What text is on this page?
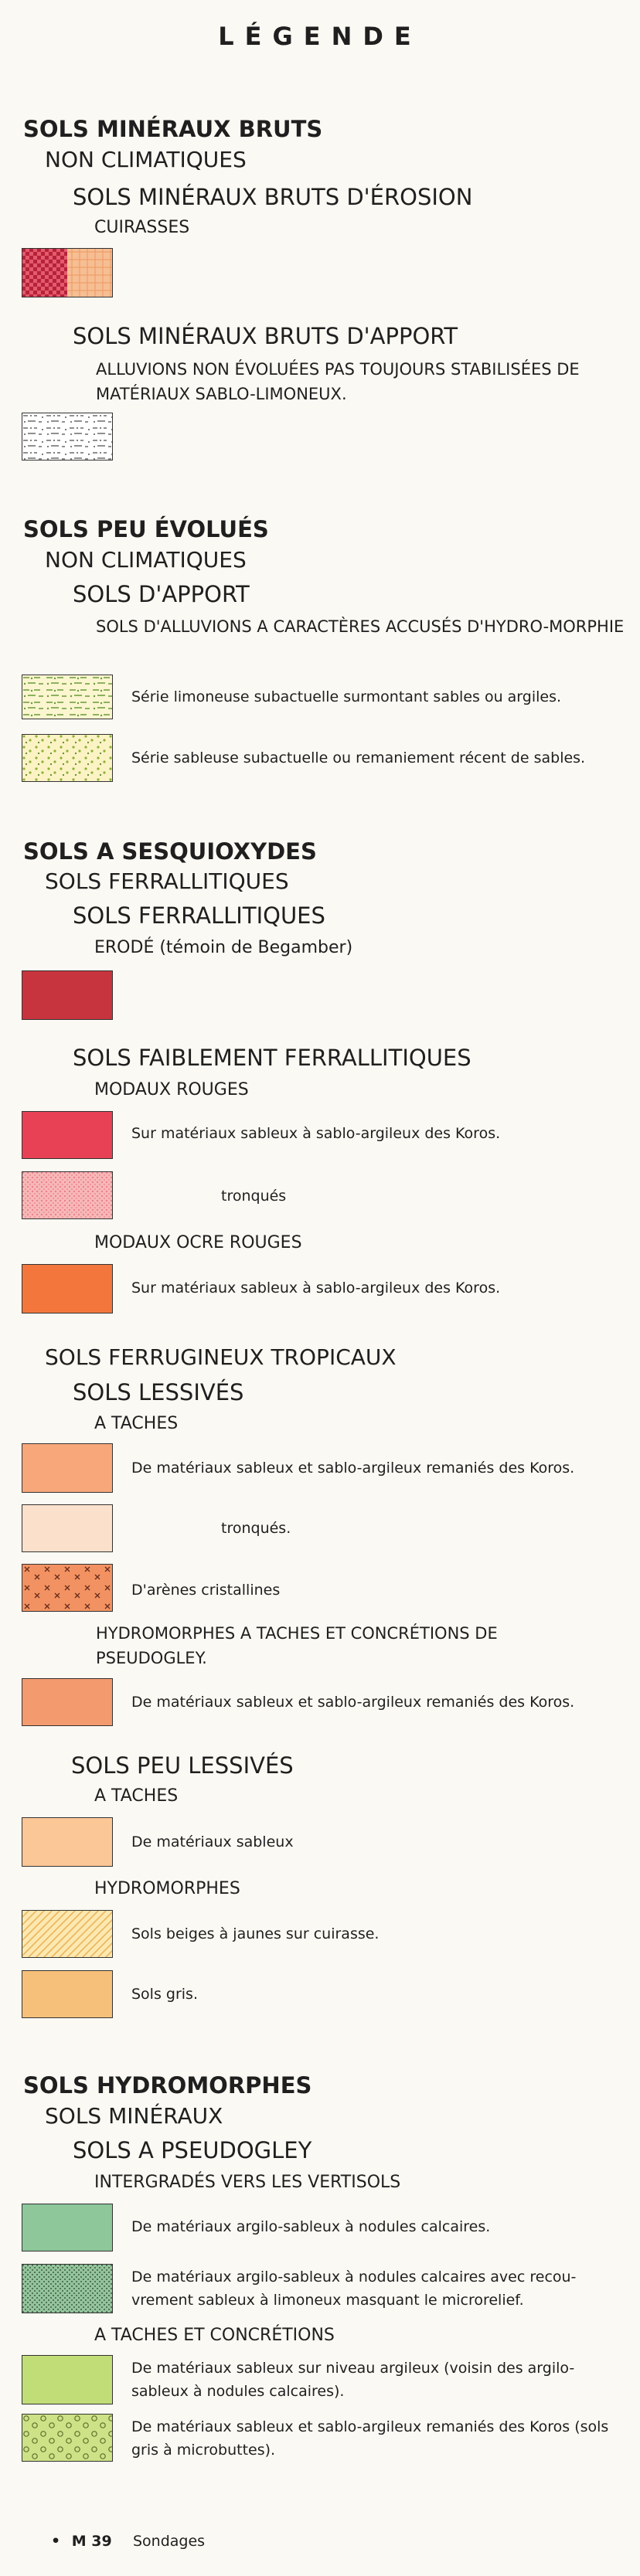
LÉGENDE
SOLS MINÉRAUX BRUTS
NON CLIMATIQUES
SOLS MINÉRAUX BRUTS D'ÉROSION
CUIRASSES
SOLS MINÉRAUX BRUTS D'APPORT
ALLUVIONS NON ÉVOLUÉES PAS TOUJOURS STABILISÉES DE MATÉRIAUX SABLO-LIMONEUX.
SOLS PEU ÉVOLUÉS
NON CLIMATIQUES
SOLS D'APPORT
SOLS D'ALLUVIONS A CARACTÈRES ACCUSÉS D'HYDRO-MORPHIE
Série limoneuse subactuelle surmontant sables ou argiles.
Série sableuse subactuelle ou remaniement récent de sables.
SOLS A SESQUIOXYDES
SOLS FERRALLITIQUES
SOLS FERRALLITIQUES
ERODÉ (témoin de Begamber)
SOLS FAIBLEMENT FERRALLITIQUES
MODAUX ROUGES
Sur matériaux sableux à sablo-argileux des Koros.
tronqués
MODAUX OCRE ROUGES
Sur matériaux sableux à sablo-argileux des Koros.
SOLS FERRUGINEUX TROPICAUX
SOLS LESSIVÉS
A TACHES
De matériaux sableux et sablo-argileux remaniés des Koros.
tronqués.
D'arènes cristallines
HYDROMORPHES A TACHES ET CONCRÉTIONS DE PSEUDOGLEY.
De matériaux sableux et sablo-argileux remaniés des Koros.
SOLS PEU LESSIVÉS
A TACHES
De matériaux sableux
HYDROMORPHES
Sols beiges à jaunes sur cuirasse.
Sols gris.
SOLS HYDROMORPHES
SOLS MINÉRAUX
SOLS A PSEUDOGLEY
INTERGRADÉS VERS LES VERTISOLS
De matériaux argilo-sableux à nodules calcaires.
De matériaux argilo-sableux à nodules calcaires avec recou-vrement sableux à limoneux masquant le microrelief.
A TACHES ET CONCRÉTIONS
De matériaux sableux sur niveau argileux (voisin des argilo-sableux à nodules calcaires).
De matériaux sableux et sablo-argileux remaniés des Koros (sols gris à microbuttes).
• M 39 Sondages
